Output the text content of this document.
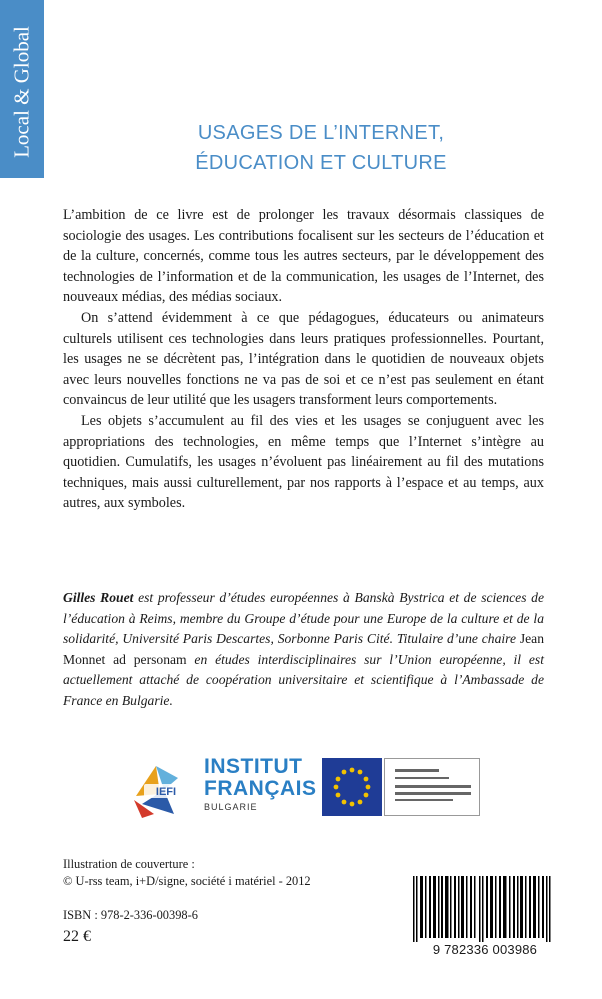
Local & Global	USAGES DE L’INTERNET,
ÉDUCATION ET CULTURE

L’ambition de ce livre est de prolonger les travaux désormais classiques de sociologie des usages. Les contributions focalisent sur les secteurs de l’éducation et de la culture, concernés, comme tous les autres secteurs, par le développement des technologies de l’information et de la communication, les usages de l’Internet, des nouveaux médias, des médias sociaux.

On s’attend évidemment à ce que pédagogues, éducateurs ou animateurs culturels utilisent ces technologies dans leurs pratiques professionnelles. Pourtant, les usages ne se décrètent pas, l’intégration dans le quotidien de nouveaux objets avec leurs nouvelles fonctions ne va pas de soi et ce n’est pas seulement en étant convaincus de leur utilité que les usagers transforment leurs comportements.

Les objets s’accumulent au fil des vies et les usages se conjuguent avec les appropriations des technologies, en même temps que l’Internet s’intègre au quotidien. Cumulatifs, les usages n’évoluent pas linéairement au fil des mutations techniques, mais aussi culturellement, par nos rapports à l’espace et au temps, aux autres, aux symboles.

Gilles Rouet est professeur d’études européennes à Banskà Bystrica et de sciences de l’éducation à Reims, membre du Groupe d’étude pour une Europe de la culture et de la solidarité, Université Paris Descartes, Sorbonne Paris Cité. Titulaire d’une chaire Jean Monnet ad personam en études interdisciplinaires sur l’Union européenne, il est actuellement attaché de coopération universitaire et scientifique à l’Ambassade de France en Bulgarie.
IEFI
INSTITUT
FRANÇAIS
BULGARIE
Illustration de couverture :
© U-rss team, i+D/signe, société i matériel - 2012
ISBN : 978-2-336-00398-6
22 €
9 782336 003986
